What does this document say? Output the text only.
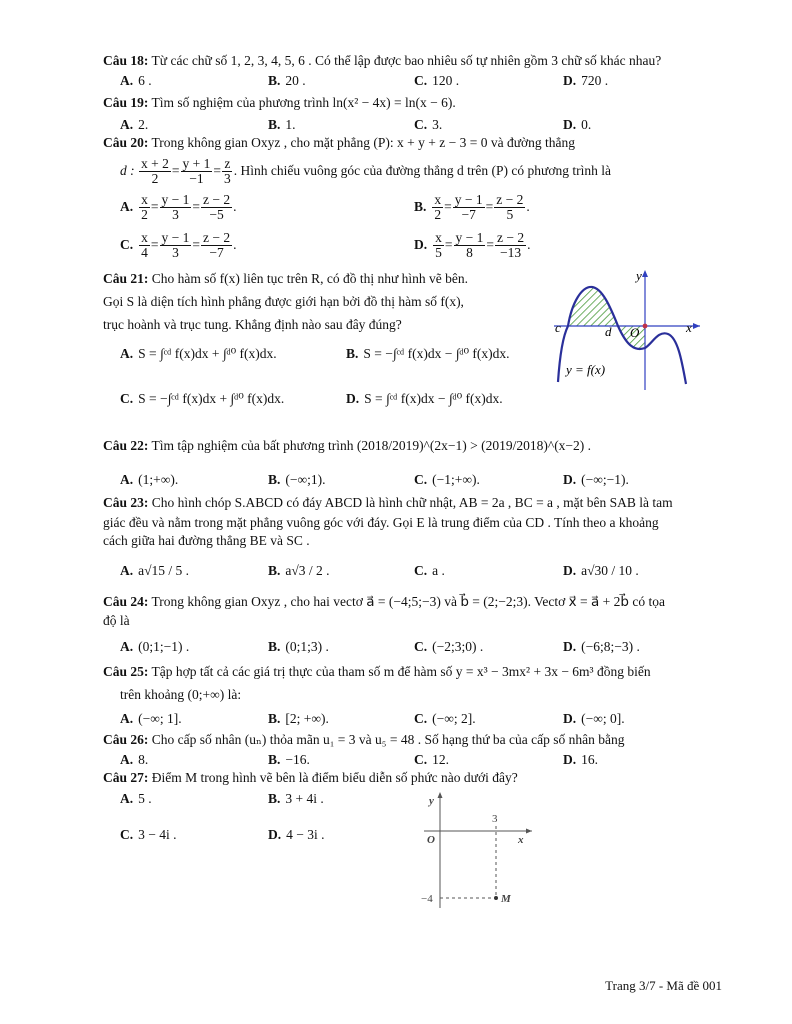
Câu 18: Từ các chữ số 1, 2, 3, 4, 5, 6 . Có thể lập được bao nhiêu số tự nhiên gồm 3 chữ số khác nhau?
A. 6 .	B. 20 .	C. 120 .	D. 720 .
Câu 19: Tìm số nghiệm của phương trình ln(x² − 4x) = ln(x − 6).
A. 2.	B. 1.	C. 3.	D. 0.
Câu 20: Trong không gian Oxyz , cho mặt phẳng (P): x + y + z − 3 = 0 và đường thẳng
d : $\frac{x + 2}{2} = \frac{y + 1}{-1} = \frac{z}{3}$ . Hình chiếu vuông góc của đường thẳng d trên (P) có phương trình là
A. $\frac{x}{2} = \frac{y - 1}{3} = \frac{z - 2}{-5}$ .	B. $\frac{x}{2} = \frac{y - 1}{-7} = \frac{z - 2}{5}$ .
C. $\frac{x}{4} = \frac{y - 1}{3} = \frac{z - 2}{-7}$ .	D. $\frac{x}{5} = \frac{y - 1}{8} = \frac{z - 2}{-13}$ .
Câu 21: Cho hàm số f(x) liên tục trên R, có đồ thị như hình vẽ bên.
Gọi S là diện tích hình phẳng được giới hạn bởi đồ thị hàm số f(x),
trục hoành và trục tung. Khẳng định nào sau đây đúng?
A. S = ∫ᶜᵈ f(x)dx + ∫ᵈ⁰ f(x)dx.	B. S = −∫ᶜᵈ f(x)dx − ∫ᵈ⁰ f(x)dx.
C. S = −∫ᶜᵈ f(x)dx + ∫ᵈ⁰ f(x)dx.	D. S = ∫ᶜᵈ f(x)dx − ∫ᵈ⁰ f(x)dx.
y
x
c	d O
y = f(x)
Câu 22: Tìm tập nghiệm của bất phương trình (2018/2019)^(2x−1) > (2019/2018)^(x−2) .
A. (1;+∞).	B. (−∞;1).	C. (−1;+∞).	D. (−∞;−1).
Câu 23: Cho hình chóp S.ABCD có đáy ABCD là hình chữ nhật, AB = 2a , BC = a , mặt bên SAB là tam
giác đều và nằm trong mặt phẳng vuông góc với đáy. Gọi E là trung điểm của CD . Tính theo a khoảng
cách giữa hai đường thẳng BE và SC .
A. a√15 / 5 .	B. a√3 / 2 .	C. a .	D. a√30 / 10 .
Câu 24: Trong không gian Oxyz , cho hai vectơ a⃗ = (−4;5;−3) và b⃗ = (2;−2;3). Vectơ x⃗ = a⃗ + 2b⃗ có tọa
độ là
A. (0;1;−1) .	B. (0;1;3) .	C. (−2;3;0) .	D. (−6;8;−3) .
Câu 25: Tập hợp tất cả các giá trị thực của tham số m để hàm số y = x³ − 3mx² + 3x − 6m³ đồng biến
trên khoảng (0;+∞) là:
A. (−∞; 1].	B. [2; +∞).	C. (−∞; 2].	D. (−∞; 0].
Câu 26: Cho cấp số nhân (uₙ) thỏa mãn u₁ = 3 và u₅ = 48 . Số hạng thứ ba của cấp số nhân bằng
A. 8.	B. −16.	C. 12.	D. 16.
Câu 27: Điểm M trong hình vẽ bên là điểm biểu diễn số phức nào dưới đây?
A. 5 .	B. 3 + 4i .
C. 3 − 4i .	D. 4 − 3i .
y
x
O
3
−4	M
Trang 3/7 - Mã đề 001
